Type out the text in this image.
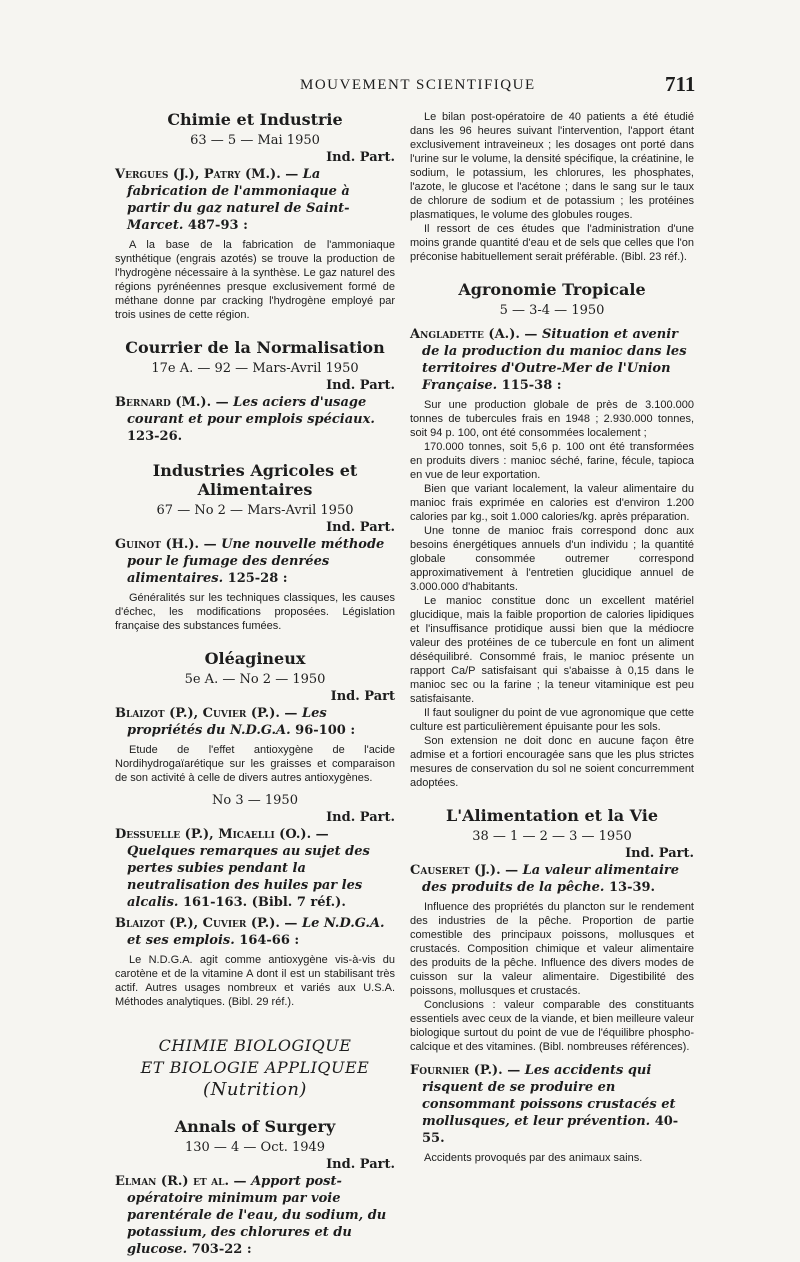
MOUVEMENT SCIENTIFIQUE	711
Chimie et Industrie
63 — 5 — Mai 1950
Ind. Part.
Vergues (J.), Patry (M.). — La fabrication de l'ammoniaque à partir du gaz naturel de Saint-Marcet. 487-93 :

A la base de la fabrication de l'ammoniaque synthétique (engrais azotés) se trouve la production de l'hydrogène nécessaire à la synthèse. Le gaz naturel des régions pyrénéennes presque exclusivement formé de méthane donne par cracking l'hydrogène employé par trois usines de cette région.

Courrier de la Normalisation
17e A. — 92 — Mars-Avril 1950
Ind. Part.
Bernard (M.). — Les aciers d'usage courant et pour emplois spéciaux. 123-26.
Industries Agricoles et Alimentaires
67 — No 2 — Mars-Avril 1950
Ind. Part.
Guinot (H.). — Une nouvelle méthode pour le fumage des denrées alimentaires. 125-28 :

Généralités sur les techniques classiques, les causes d'échec, les modifications proposées. Législation française des substances fumées.

Oléagineux
5e A. — No 2 — 1950
Ind. Part
Blaizot (P.), Cuvier (P.). — Les propriétés du N.D.G.A. 96-100 :

Etude de l'effet antioxygène de l'acide Nordihydrogaïarétique sur les graisses et comparaison de son activité à celle de divers autres antioxygènes.

No 3 — 1950
Ind. Part.
Dessuelle (P.), Micaelli (O.). — Quelques remarques au sujet des pertes subies pendant la neutralisation des huiles par les alcalis. 161-163. (Bibl. 7 réf.).
Blaizot (P.), Cuvier (P.). — Le N.D.G.A. et ses emplois. 164-66 :

Le N.D.G.A. agit comme antioxygène vis-à-vis du carotène et de la vitamine A dont il est un stabilisant très actif. Autres usages nombreux et variés aux U.S.A. Méthodes analytiques. (Bibl. 29 réf.).

CHIMIE BIOLOGIQUE
ET BIOLOGIE APPLIQUEE
(Nutrition)
Annals of Surgery
130 — 4 — Oct. 1949
Ind. Part.
Elman (R.) et al. — Apport post-opératoire minimum par voie parentérale de l'eau, du sodium, du potassium, des chlorures et du glucose. 703-22 :

Le bilan post-opératoire de 40 patients a été étudié dans les 96 heures suivant l'intervention, l'apport étant exclusivement intraveineux ; les dosages ont porté dans l'urine sur le volume, la densité spécifique, la créatinine, le sodium, le potassium, les chlorures, les phosphates, l'azote, le glucose et l'acétone ; dans le sang sur le taux de chlorure de sodium et de potassium ; les protéines plasmatiques, le volume des globules rouges.

Il ressort de ces études que l'administration d'une moins grande quantité d'eau et de sels que celles que l'on préconise habituellement serait préférable. (Bibl. 23 réf.).

Agronomie Tropicale
5 — 3-4 — 1950
Angladette (A.). — Situation et avenir de la production du manioc dans les territoires d'Outre-Mer de l'Union Française. 115-38 :

Sur une production globale de près de 3.100.000 tonnes de tubercules frais en 1948 ; 2.930.000 tonnes, soit 94 p. 100, ont été consommées localement ;

170.000 tonnes, soit 5,6 p. 100 ont été transformées en produits divers : manioc séché, farine, fécule, tapioca en vue de leur exportation.

Bien que variant localement, la valeur alimentaire du manioc frais exprimée en calories est d'environ 1.200 calories par kg., soit 1.000 calories/kg. après préparation.

Une tonne de manioc frais correspond donc aux besoins énergétiques annuels d'un individu ; la quantité globale consommée outremer correspond approximativement à l'entretien glucidique annuel de 3.000.000 d'habitants.

Le manioc constitue donc un excellent matériel glucidique, mais la faible proportion de calories lipidiques et l'insuffisance protidique aussi bien que la médiocre valeur des protéines de ce tubercule en font un aliment déséquilibré. Consommé frais, le manioc présente un rapport Ca/P satisfaisant qui s'abaisse à 0,15 dans le manioc sec ou la farine ; la teneur vitaminique est peu satisfaisante.

Il faut souligner du point de vue agronomique que cette culture est particulièrement épuisante pour les sols.

Son extension ne doit donc en aucune façon être admise et a fortiori encouragée sans que les plus strictes mesures de conservation du sol ne soient concurremment adoptées.

L'Alimentation et la Vie
38 — 1 — 2 — 3 — 1950
Ind. Part.
Causeret (J.). — La valeur alimentaire des produits de la pêche. 13-39.

Influence des propriétés du plancton sur le rendement des industries de la pêche. Proportion de partie comestible des principaux poissons, mollusques et crustacés. Composition chimique et valeur alimentaire des produits de la pêche. Influence des divers modes de cuisson sur la valeur alimentaire. Digestibilité des poissons, mollusques et crustacés.

Conclusions : valeur comparable des constituants essentiels avec ceux de la viande, et bien meilleure valeur biologique surtout du point de vue de l'équilibre phospho-calcique et des vitamines. (Bibl. nombreuses références).

Fournier (P.). — Les accidents qui risquent de se produire en consommant poissons crustacés et mollusques, et leur prévention. 40-55.

Accidents provoqués par des animaux sains.
